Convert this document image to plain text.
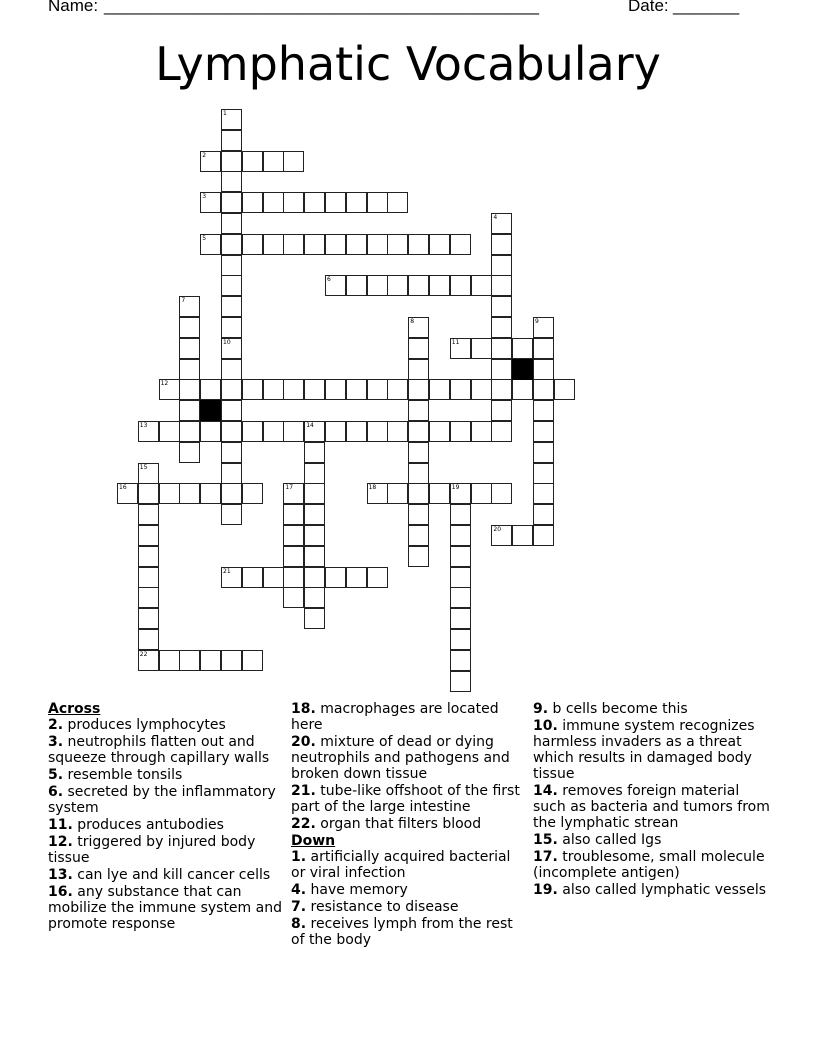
Name: ______________________________________________	Date: _______
Lymphatic Vocabulary
1
10
2
3
4
5
6
7
8	9
11
12
13	14
15
22
16	17	18	19
20
21
Across
2. produces lymphocytes
3. neutrophils flatten out and squeeze through capillary walls
5. resemble tonsils
6. secreted by the inflammatory system
11. produces antubodies
12. triggered by injured body tissue
13. can lye and kill cancer cells
16. any substance that can mobilize the immune system and promote response
18. macrophages are located here
20. mixture of dead or dying neutrophils and pathogens and broken down tissue
21. tube-like offshoot of the first part of the large intestine
22. organ that filters blood
Down
1. artificially acquired bacterial or viral infection
4. have memory
7. resistance to disease
8. receives lymph from the rest of the body
9. b cells become this
10. immune system recognizes harmless invaders as a threat which results in damaged body tissue
14. removes foreign material such as bacteria and tumors from the lymphatic strean
15. also called Igs
17. troublesome, small molecule (incomplete antigen)
19. also called lymphatic vessels
